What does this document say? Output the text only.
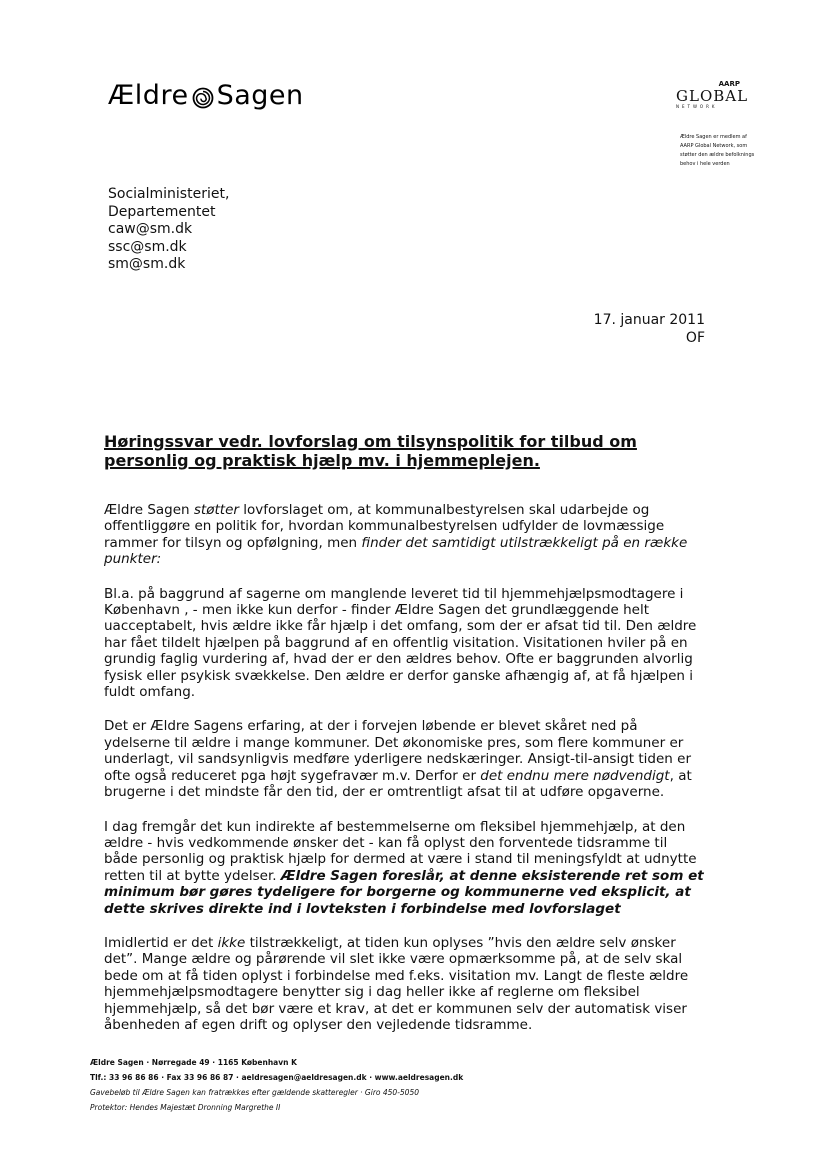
Ældre Sagen	AARP
GLOBAL
NETWORK
Ældre Sagen er medlem af AARP Global Network, som støtter den ældre befolknings behov i hele verden
Socialministeriet,
Departementet
caw@sm.dk
ssc@sm.dk
sm@sm.dk
17. januar 2011
OF
Høringssvar vedr. lovforslag om tilsynspolitik for tilbud om personlig og praktisk hjælp mv. i hjemmeplejen.

Ældre Sagen støtter lovforslaget om, at kommunalbestyrelsen skal udarbejde og offentliggøre en politik for, hvordan kommunalbestyrelsen udfylder de lovmæssige rammer for tilsyn og opfølgning, men finder det samtidigt utilstrækkeligt på en række punkter:

Bl.a. på baggrund af sagerne om manglende leveret tid til hjemmehjælpsmodtagere i København , - men ikke kun derfor - finder Ældre Sagen det grundlæggende helt uacceptabelt, hvis ældre ikke får hjælp i det omfang, som der er afsat tid til. Den ældre har fået tildelt hjælpen på baggrund af en offentlig visitation. Visitationen hviler på en grundig faglig vurdering af, hvad der er den ældres behov. Ofte er baggrunden alvorlig fysisk eller psykisk svækkelse. Den ældre er derfor ganske afhængig af, at få hjælpen i fuldt omfang.

Det er Ældre Sagens erfaring, at der i forvejen løbende er blevet skåret ned på ydelserne til ældre i mange kommuner. Det økonomiske pres, som flere kommuner er underlagt, vil sandsynligvis medføre yderligere nedskæringer. Ansigt-til-ansigt tiden er ofte også reduceret pga højt sygefravær m.v. Derfor er det endnu mere nødvendigt, at brugerne i det mindste får den tid, der er omtrentligt afsat til at udføre opgaverne.

I dag fremgår det kun indirekte af bestemmelserne om fleksibel hjemmehjælp, at den ældre - hvis vedkommende ønsker det - kan få oplyst den forventede tidsramme til både personlig og praktisk hjælp for dermed at være i stand til meningsfyldt at udnytte retten til at bytte ydelser. Ældre Sagen foreslår, at denne eksisterende ret som et minimum bør gøres tydeligere for borgerne og kommunerne ved eksplicit, at dette skrives direkte ind i lovteksten i forbindelse med lovforslaget

Imidlertid er det ikke tilstrækkeligt, at tiden kun oplyses ”hvis den ældre selv ønsker det”. Mange ældre og pårørende vil slet ikke være opmærksomme på, at de selv skal bede om at få tiden oplyst i forbindelse med f.eks. visitation mv. Langt de fleste ældre hjemmehjælpsmodtagere benytter sig i dag heller ikke af reglerne om fleksibel hjemmehjælp, så det bør være et krav, at det er kommunen selv der automatisk viser åbenheden af egen drift og oplyser den vejledende tidsramme.

Ældre Sagen · Nørregade 49 · 1165 København K
Tlf.: 33 96 86 86 · Fax 33 96 86 87 · aeldresagen@aeldresagen.dk · www.aeldresagen.dk
Gavebeløb til Ældre Sagen kan fratrækkes efter gældende skatteregler · Giro 450-5050
Protektor: Hendes Majestæt Dronning Margrethe II
